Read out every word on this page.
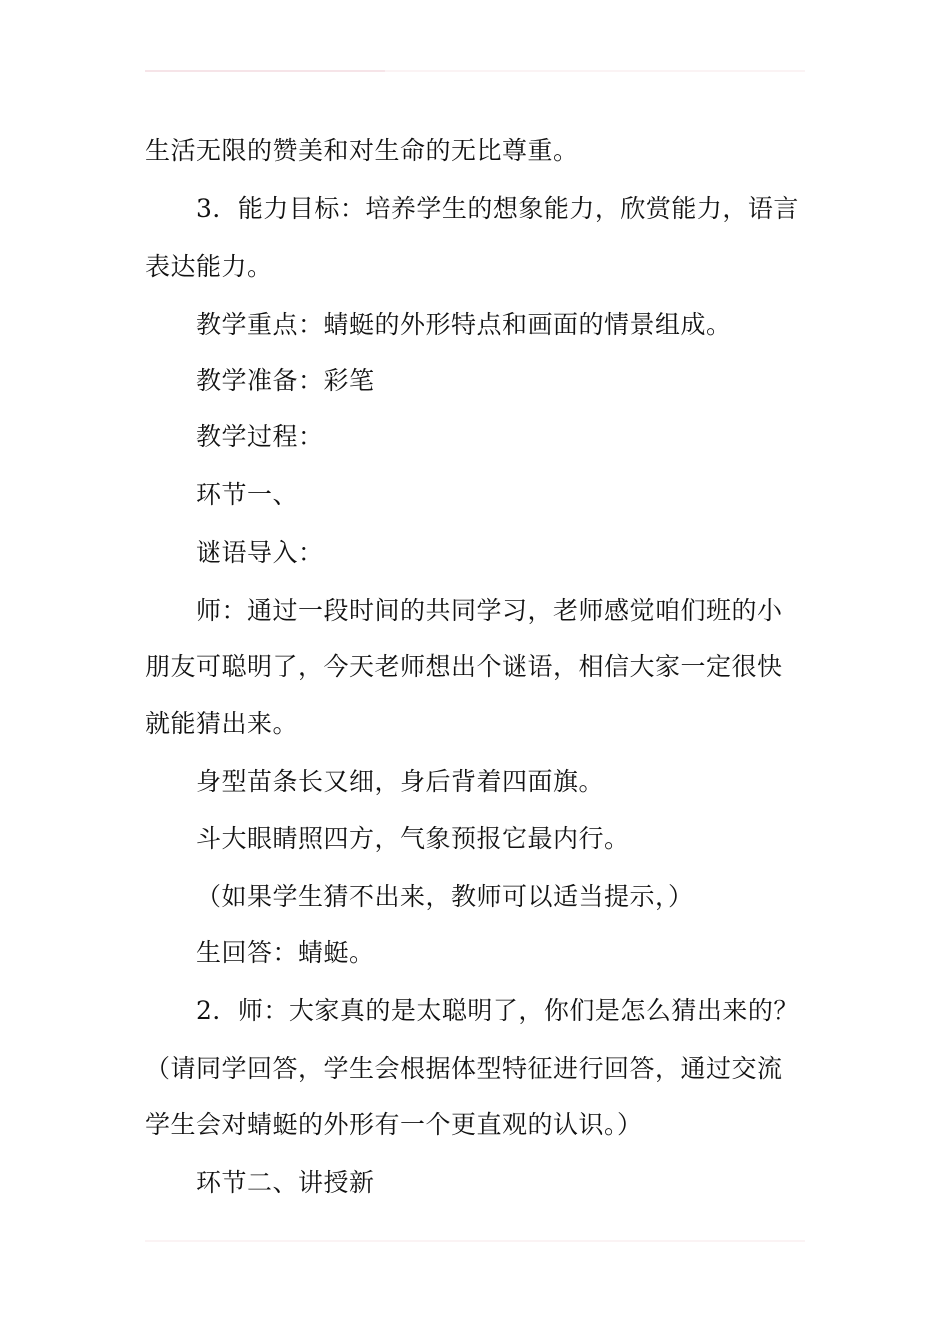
生活无限的赞美和对生命的无比尊重。
3．能力目标：培养学生的想象能力，欣赏能力，语言
表达能力。
教学重点：蜻蜓的外形特点和画面的情景组成。
教学准备：彩笔
教学过程：
环节一、
谜语导入：
师：通过一段时间的共同学习，老师感觉咱们班的小
朋友可聪明了，今天老师想出个谜语，相信大家一定很快
就能猜出来。
身型苗条长又细，身后背着四面旗。
斗大眼睛照四方，气象预报它最内行。
（如果学生猜不出来，教师可以适当提示，）
生回答：蜻蜓。
2．师：大家真的是太聪明了，你们是怎么猜出来的？
（请同学回答，学生会根据体型特征进行回答，通过交流
学生会对蜻蜓的外形有一个更直观的认识。）
环节二、讲授新
